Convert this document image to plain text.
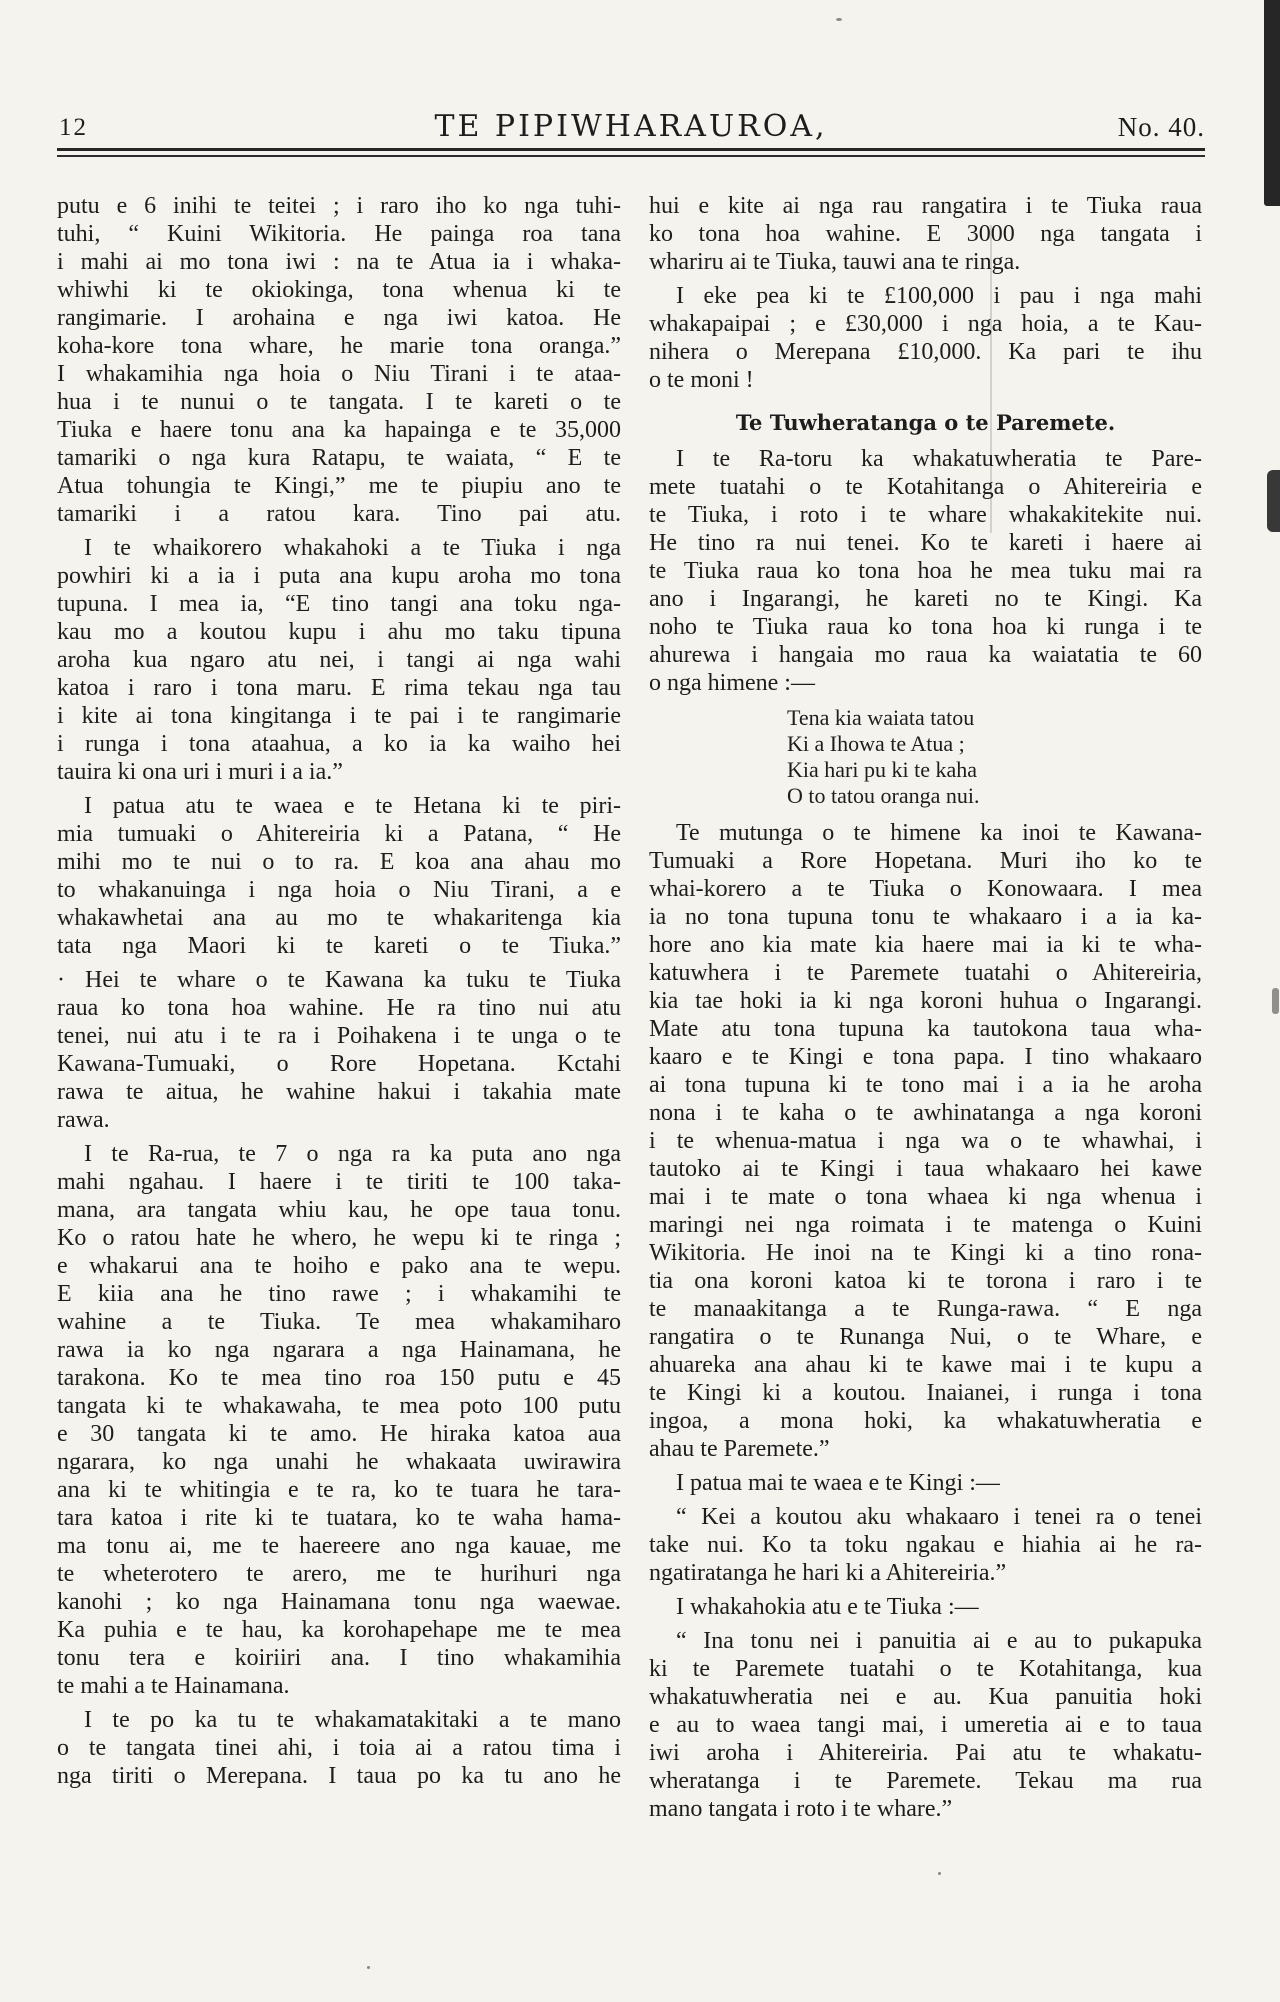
12	TE PIPIWHARAUROA,	No. 40.
putu e 6 inihi te teitei ; i raro iho ko nga tuhi-
tuhi, “ Kuini Wikitoria. He painga roa tana
i mahi ai mo tona iwi : na te Atua ia i whaka-
whiwhi ki te okiokinga, tona whenua ki te
rangimarie. I arohaina e nga iwi katoa. He
koha-kore tona whare, he marie tona oranga.”
I whakamihia nga hoia o Niu Tirani i te ataa-
hua i te nunui o te tangata. I te kareti o te
Tiuka e haere tonu ana ka hapainga e te 35,000
tamariki o nga kura Ratapu, te waiata, “ E te
Atua tohungia te Kingi,” me te piupiu ano te
tamariki i a ratou kara. Tino pai atu.
I te whaikorero whakahoki a te Tiuka i nga
powhiri ki a ia i puta ana kupu aroha mo tona
tupuna. I mea ia, “E tino tangi ana toku nga-
kau mo a koutou kupu i ahu mo taku tipuna
aroha kua ngaro atu nei, i tangi ai nga wahi
katoa i raro i tona maru. E rima tekau nga tau
i kite ai tona kingitanga i te pai i te rangimarie
i runga i tona ataahua, a ko ia ka waiho hei
tauira ki ona uri i muri i a ia.”
I patua atu te waea e te Hetana ki te piri-
mia tumuaki o Ahitereiria ki a Patana, “ He
mihi mo te nui o to ra. E koa ana ahau mo
to whakanuinga i nga hoia o Niu Tirani, a e
whakawhetai ana au mo te whakaritenga kia
tata nga Maori ki te kareti o te Tiuka.”
· Hei te whare o te Kawana ka tuku te Tiuka
raua ko tona hoa wahine. He ra tino nui atu
tenei, nui atu i te ra i Poihakena i te unga o te
Kawana-Tumuaki, o Rore Hopetana. Kctahi
rawa te aitua, he wahine hakui i takahia mate
rawa.
I te Ra-rua, te 7 o nga ra ka puta ano nga
mahi ngahau. I haere i te tiriti te 100 taka-
mana, ara tangata whiu kau, he ope taua tonu.
Ko o ratou hate he whero, he wepu ki te ringa ;
e whakarui ana te hoiho e pako ana te wepu.
E kiia ana he tino rawe ; i whakamihi te
wahine a te Tiuka. Te mea whakamiharo
rawa ia ko nga ngarara a nga Hainamana, he
tarakona. Ko te mea tino roa 150 putu e 45
tangata ki te whakawaha, te mea poto 100 putu
e 30 tangata ki te amo. He hiraka katoa aua
ngarara, ko nga unahi he whakaata uwirawira
ana ki te whitingia e te ra, ko te tuara he tara-
tara katoa i rite ki te tuatara, ko te waha hama-
ma tonu ai, me te haereere ano nga kauae, me
te wheterotero te arero, me te hurihuri nga
kanohi ; ko nga Hainamana tonu nga waewae.
Ka puhia e te hau, ka korohapehape me te mea
tonu tera e koiriiri ana. I tino whakamihia
te mahi a te Hainamana.
I te po ka tu te whakamatakitaki a te mano
o te tangata tinei ahi, i toia ai a ratou tima i
nga tiriti o Merepana. I taua po ka tu ano he
hui e kite ai nga rau rangatira i te Tiuka raua
ko tona hoa wahine. E 3000 nga tangata i
whariru ai te Tiuka, tauwi ana te ringa.
I eke pea ki te £100,000 i pau i nga mahi
whakapaipai ; e £30,000 i nga hoia, a te Kau-
nihera o Merepana £10,000. Ka pari te ihu
o te moni !
Te Tuwheratanga o te Paremete.
I te Ra-toru ka whakatuwheratia te Pare-
mete tuatahi o te Kotahitanga o Ahitereiria e
te Tiuka, i roto i te whare whakakitekite nui.
He tino ra nui tenei. Ko te kareti i haere ai
te Tiuka raua ko tona hoa he mea tuku mai ra
ano i Ingarangi, he kareti no te Kingi. Ka
noho te Tiuka raua ko tona hoa ki runga i te
ahurewa i hangaia mo raua ka waiatatia te 60
o nga himene :—
Tena kia waiata tatou
Ki a Ihowa te Atua ;
Kia hari pu ki te kaha
O to tatou oranga nui.
Te mutunga o te himene ka inoi te Kawana-
Tumuaki a Rore Hopetana. Muri iho ko te
whai-korero a te Tiuka o Konowaara. I mea
ia no tona tupuna tonu te whakaaro i a ia ka-
hore ano kia mate kia haere mai ia ki te wha-
katuwhera i te Paremete tuatahi o Ahitereiria,
kia tae hoki ia ki nga koroni huhua o Ingarangi.
Mate atu tona tupuna ka tautokona taua wha-
kaaro e te Kingi e tona papa. I tino whakaaro
ai tona tupuna ki te tono mai i a ia he aroha
nona i te kaha o te awhinatanga a nga koroni
i te whenua-matua i nga wa o te whawhai, i
tautoko ai te Kingi i taua whakaaro hei kawe
mai i te mate o tona whaea ki nga whenua i
maringi nei nga roimata i te matenga o Kuini
Wikitoria. He inoi na te Kingi ki a tino rona-
tia ona koroni katoa ki te torona i raro i te
te manaakitanga a te Runga-rawa. “ E nga
rangatira o te Runanga Nui, o te Whare, e
ahuareka ana ahau ki te kawe mai i te kupu a
te Kingi ki a koutou. Inaianei, i runga i tona
ingoa, a mona hoki, ka whakatuwheratia e
ahau te Paremete.”
I patua mai te waea e te Kingi :—
“ Kei a koutou aku whakaaro i tenei ra o tenei
take nui. Ko ta toku ngakau e hiahia ai he ra-
ngatiratanga he hari ki a Ahitereiria.”
I whakahokia atu e te Tiuka :—
“ Ina tonu nei i panuitia ai e au to pukapuka
ki te Paremete tuatahi o te Kotahitanga, kua
whakatuwheratia nei e au. Kua panuitia hoki
e au to waea tangi mai, i umeretia ai e to taua
iwi aroha i Ahitereiria. Pai atu te whakatu-
wheratanga i te Paremete. Tekau ma rua
mano tangata i roto i te whare.”
